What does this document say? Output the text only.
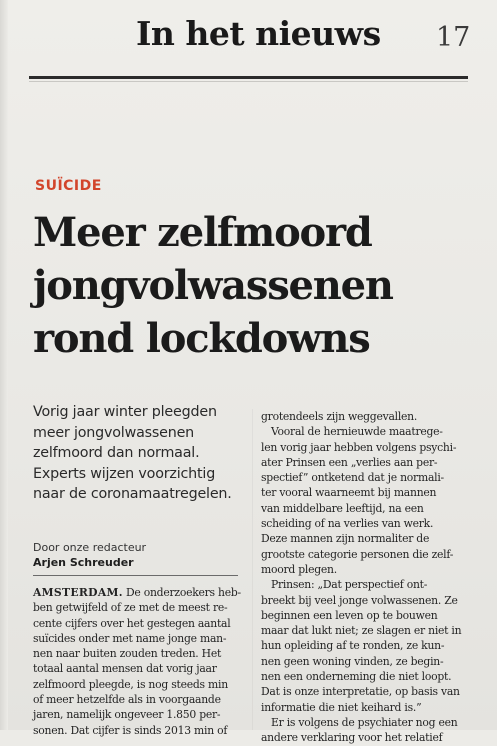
In het nieuws 17
SUÏCIDE
Meer zelfmoord
jongvolwassenen
rond lockdowns
Vorig jaar winter pleegden
meer jongvolwassenen
zelfmoord dan normaal.
Experts wijzen voorzichtig
naar de coronamaatregelen.
Door onze redacteur
Arjen Schreuder
AMSTERDAM. De onderzoekers heb-
ben getwijfeld of ze met de meest re-
cente cijfers over het gestegen aantal
suïcides onder met name jonge man-
nen naar buiten zouden treden. Het
totaal aantal mensen dat vorig jaar
zelfmoord pleegde, is nog steeds min
of meer hetzelfde als in voorgaande
jaren, namelijk ongeveer 1.850 per-
sonen. Dat cijfer is sinds 2013 min of
grotendeels zijn weggevallen.
Vooral de hernieuwde maatrege-
len vorig jaar hebben volgens psychi-
ater Prinsen een „verlies aan per-
spectief” ontketend dat je normali-
ter vooral waarneemt bij mannen
van middelbare leeftijd, na een
scheiding of na verlies van werk.
Deze mannen zijn normaliter de
grootste categorie personen die zelf-
moord plegen.
Prinsen: „Dat perspectief ont-
breekt bij veel jonge volwassenen. Ze
beginnen een leven op te bouwen
maar dat lukt niet; ze slagen er niet in
hun opleiding af te ronden, ze kun-
nen geen woning vinden, ze begin-
nen een onderneming die niet loopt.
Dat is onze interpretatie, op basis van
informatie die niet keihard is.”
Er is volgens de psychiater nog een
andere verklaring voor het relatief
